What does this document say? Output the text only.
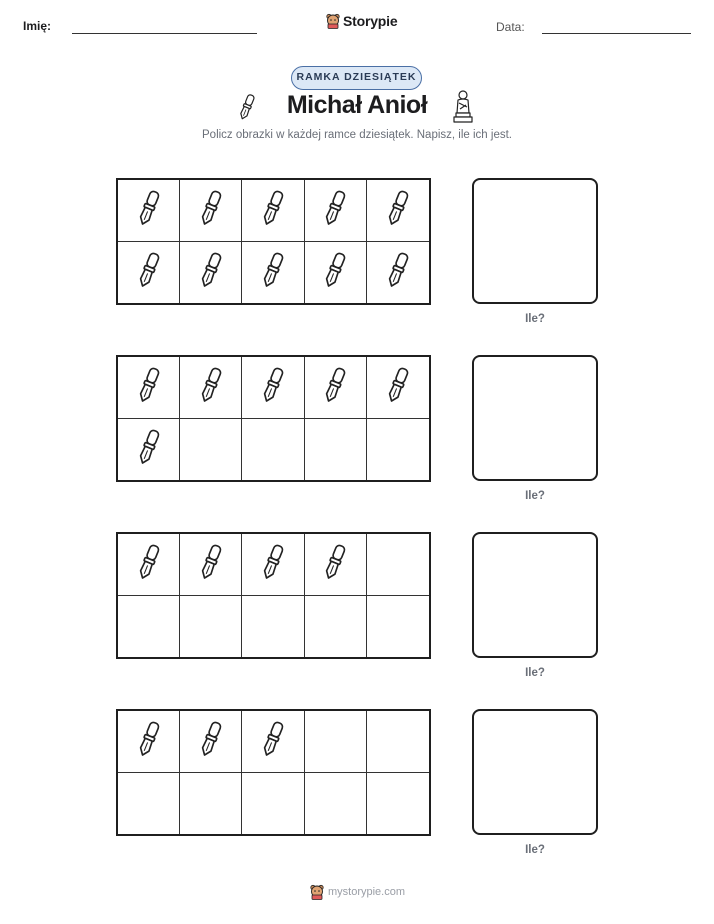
Imię:	Storypie	Data:
RAMKA DZIESIĄTEK
Michał Anioł
Policz obrazki w każdej ramce dziesiątek. Napisz, ile ich jest.
Ile?
Ile?
Ile?
Ile?
mystorypie.com
